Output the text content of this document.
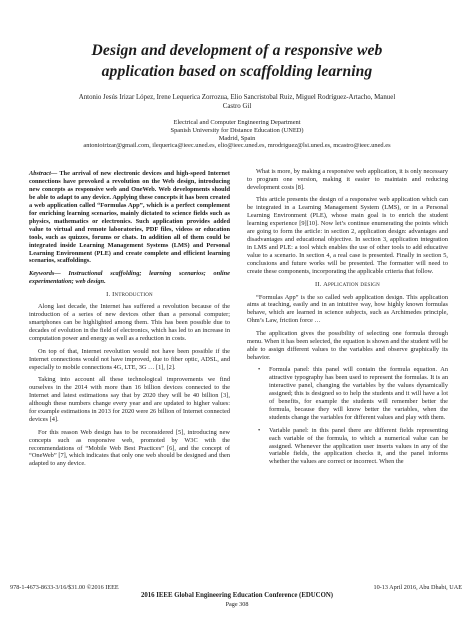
Design and development of a responsive web
application based on scaffolding learning
Antonio Jesús Irizar López, Irene Lequerica Zorrozua, Elio Sancristobal Ruiz, Miguel Rodríguez-Artacho, Manuel
Castro Gil
Electrical and Computer Engineering Department
Spanish University for Distance Education (UNED)
Madrid, Spain
antonioirizar@gmail.com, ilequerica@ieec.uned.es, elio@ieec.uned.es, mrodriguez@lsi.uned.es, mcastro@ieec.uned.es

Abstract— The arrival of new electronic devices and high-speed Internet connections have provoked a revolution on the Web design, introducing new concepts as responsive web and OneWeb. Web developments should be able to adapt to any device. Applying these concepts it has been created a web application called “Formulas App”, which is a perfect complement for enriching learning scenarios, mainly dictated to science fields such as physics, mathematics or electronics. Such application provides added value to virtual and remote laboratories, PDF files, videos or education tools, such as quizzes, forums or chats. In addition all of them could be integrated inside Learning Management Systems (LMS) and Personal Learning Environment (PLE) and create complete and efficient learning scenarios, scaffoldings.

Keywords— Instructional scaffolding; learning scenarios; online experimentation; web design.

I. Introduction

Along last decade, the Internet has suffered a revolution because of the introduction of a series of new devices other than a personal computer; smartphones can be highlighted among them. This has been possible due to decades of evolution in the field of electronics, which has led to an increase in computation power and energy as well as a reduction in costs.

On top of that, Internet revolution would not have been possible if the Internet connections would not have improved, due to fiber optic, ADSL, and especially to mobile connections 4G, LTE, 3G … [1], [2].

Taking into account all these technological improvements we find ourselves in the 2014 with more than 16 billion devices connected to the Internet and latest estimations say that by 2020 they will be 40 billion [3], although these numbers change every year and are updated to higher values: for example estimations in 2013 for 2020 were 26 billion of Internet connected devices [4].

For this reason Web design has to be reconsidered [5], introducing new concepts such as responsive web, promoted by W3C with the recommendations of “Mobile Web Best Practices” [6], and the concept of “OneWeb” [7], which indicates that only one web should be designed and then adapted to any device.

What is more, by making a responsive web application, it is only necessary to program one version, making it easier to maintain and reducing development costs [8].

This article presents the design of a responsive web application which can be integrated in a Learning Management System (LMS), or in a Personal Learning Environment (PLE), whose main goal is to enrich the student learning experience [9][10]. Now let’s continue enumerating the points which are going to form the article: in section 2, application design: advantages and disadvantages and educational objective. In section 3, application integration in LMS and PLE: a tool which enables the use of other tools to add educative value to a scenario. In section 4, a real case is presented. Finally in section 5, conclusions and future works will be presented. The formatter will need to create these components, incorporating the applicable criteria that follow.

II. Application design

“Formulas App” is the so called web application design. This application aims at teaching, easily and in an intuitive way, how highly known formulas behave, which are learned in science subjects, such as Archimedes principle, Ohm’s Law, friction force …

The application gives the possibility of selecting one formula through menu. When it has been selected, the equation is shown and the student will be able to assign different values to the variables and observe graphically its behavior.

• Formula panel: this panel will contain the formula equation. An attractive typography has been used to represent the formulas. It is an interactive panel, changing the variables by the values dynamically assigned; this is designed so to help the students and it will have a lot of benefits, for example the students will remember better the formula, because they will know better the variables, when the students change the variables for different values and play with them.
• Variable panel: in this panel there are different fields representing each variable of the formula, to which a numerical value can be assigned. Whenever the application user inserts values in any of the variable fields, the application checks it, and the panel informs whether the values are correct or incorrect. When the
978-1-4673-8633-3/16/$31.00 ©2016 IEEE	10-13 April 2016, Abu Dhabi, UAE
2016 IEEE Global Engineering Education Conference (EDUCON)
Page 308
